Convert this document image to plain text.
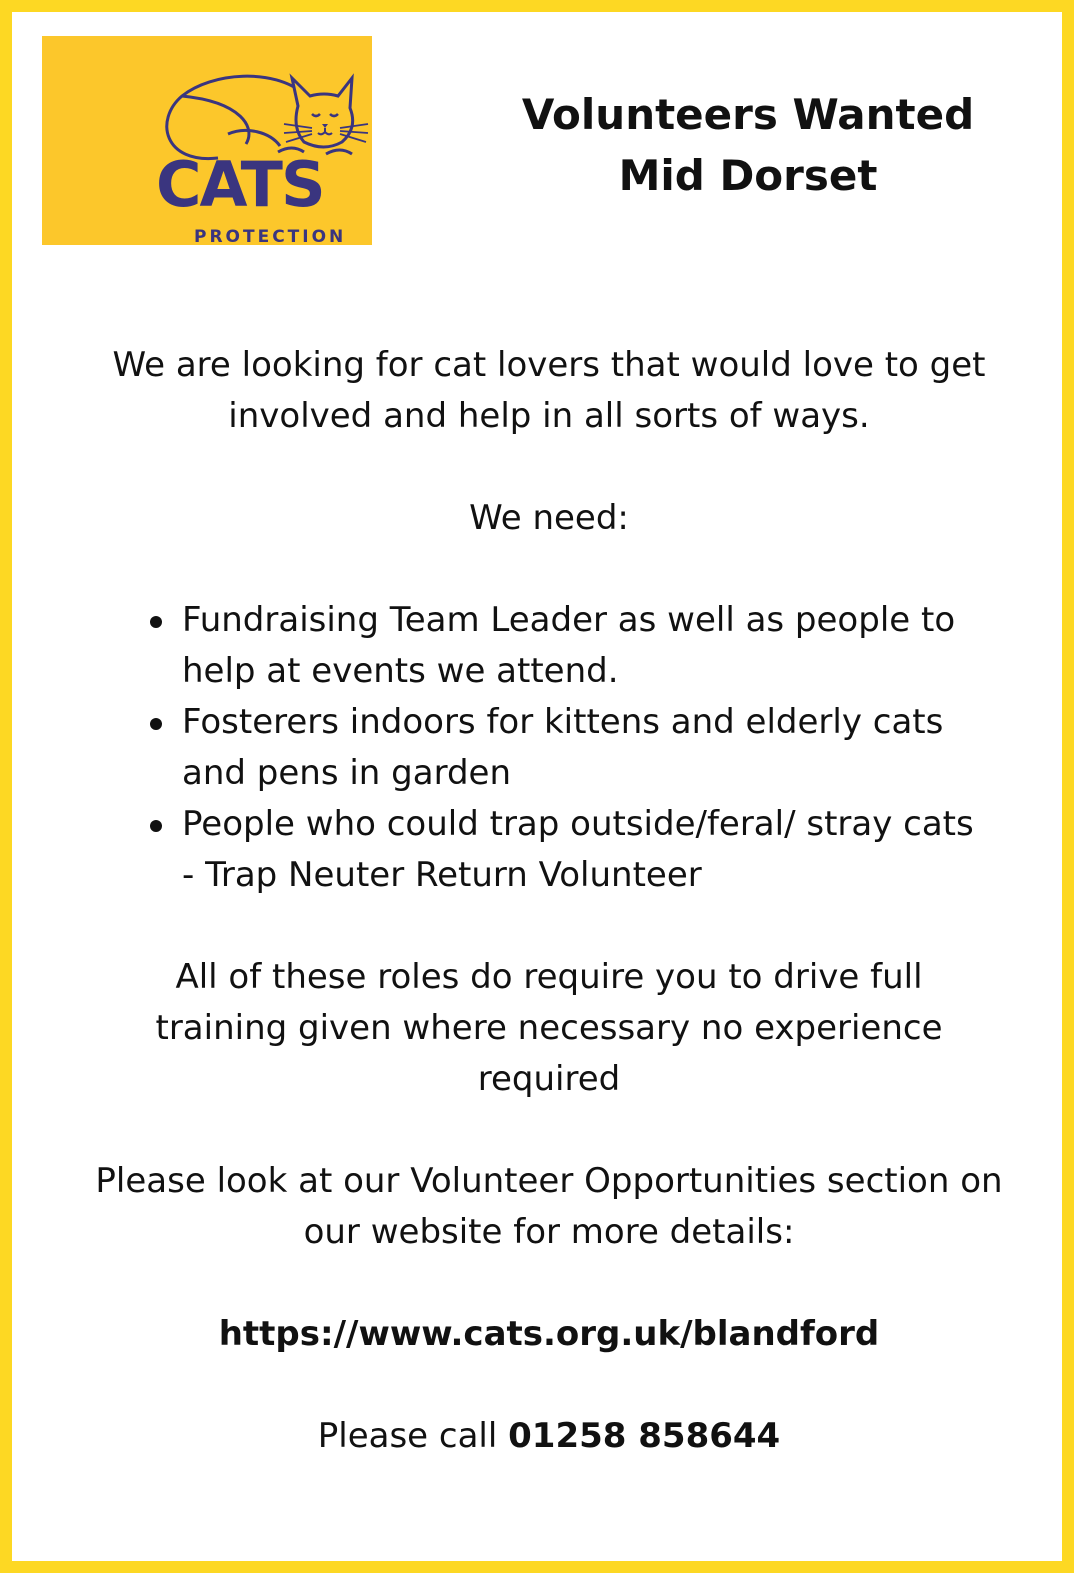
CATS
PROTECTION
Volunteers Wanted
Mid Dorset

We are looking for cat lovers that would love to get involved and help in all sorts of ways.

We need:

Fundraising Team Leader as well as people to help at events we attend.
Fosterers indoors for kittens and elderly cats and pens in garden
People who could trap outside/feral/ stray cats - Trap Neuter Return Volunteer

All of these roles do require you to drive full training given where necessary no experience required

Please look at our Volunteer Opportunities section on our website for more details:

https://www.cats.org.uk/blandford

Please call 01258 858644
